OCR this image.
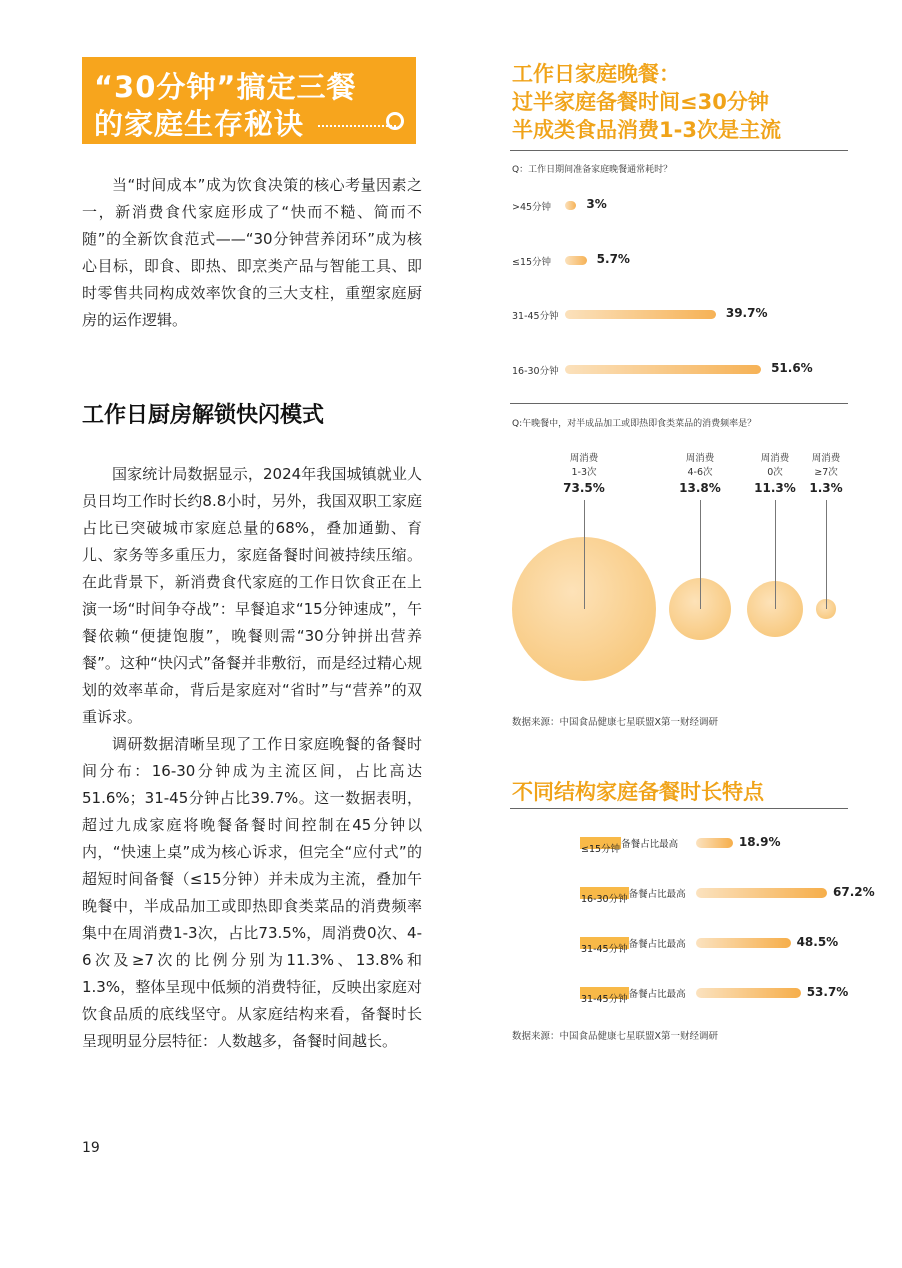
“30分钟”搞定三餐
的家庭生存秘诀

当“时间成本”成为饮食决策的核心考量因素之一，新消费食代家庭形成了“快而不糙、简而不随”的全新饮食范式——“30分钟营养闭环”成为核心目标，即食、即热、即烹类产品与智能工具、即时零售共同构成效率饮食的三大支柱，重塑家庭厨房的运作逻辑。

工作日厨房解锁快闪模式

国家统计局数据显示，2024年我国城镇就业人员日均工作时长约8.8小时，另外，我国双职工家庭占比已突破城市家庭总量的68%，叠加通勤、育儿、家务等多重压力，家庭备餐时间被持续压缩。在此背景下，新消费食代家庭的工作日饮食正在上演一场“时间争夺战”：早餐追求“15分钟速成”，午餐依赖“便捷饱腹”，晚餐则需“30分钟拼出营养餐”。这种“快闪式”备餐并非敷衍，而是经过精心规划的效率革命，背后是家庭对“省时”与“营养”的双重诉求。

调研数据清晰呈现了工作日家庭晚餐的备餐时间分布：16-30分钟成为主流区间，占比高达51.6%；31-45分钟占比39.7%。这一数据表明，超过九成家庭将晚餐备餐时间控制在45分钟以内，“快速上桌”成为核心诉求，但完全“应付式”的超短时间备餐（≤15分钟）并未成为主流，叠加午晚餐中，半成品加工或即热即食类菜品的消费频率集中在周消费1-3次，占比73.5%，周消费0次、4-6次及≥7次的比例分别为11.3%、13.8%和1.3%，整体呈现中低频的消费特征，反映出家庭对饮食品质的底线坚守。从家庭结构来看，备餐时长呈现明显分层特征：人数越多，备餐时间越长。

19
工作日家庭晚餐：
过半家庭备餐时间≤30分钟
半成类食品消费1-3次是主流
Q：工作日期间准备家庭晚餐通常耗时？
>45分钟	3%
≤15分钟	5.7%
31-45分钟	39.7%
16-30分钟	51.6%
Q:午晚餐中，对半成品加工或即热即食类菜品的消费频率是？
周消费
1-3次
73.5%
周消费
4-6次
13.8%
周消费
0次
11.3%
周消费
≥7次
1.3%
数据来源：中国食品健康七星联盟X第一财经调研
不同结构家庭备餐时长特点
≤15分钟 备餐占比最高	18.9%
16-30分钟 备餐占比最高	67.2%
31-45分钟 备餐占比最高	48.5%
31-45分钟 备餐占比最高	53.7%
数据来源：中国食品健康七星联盟X第一财经调研
